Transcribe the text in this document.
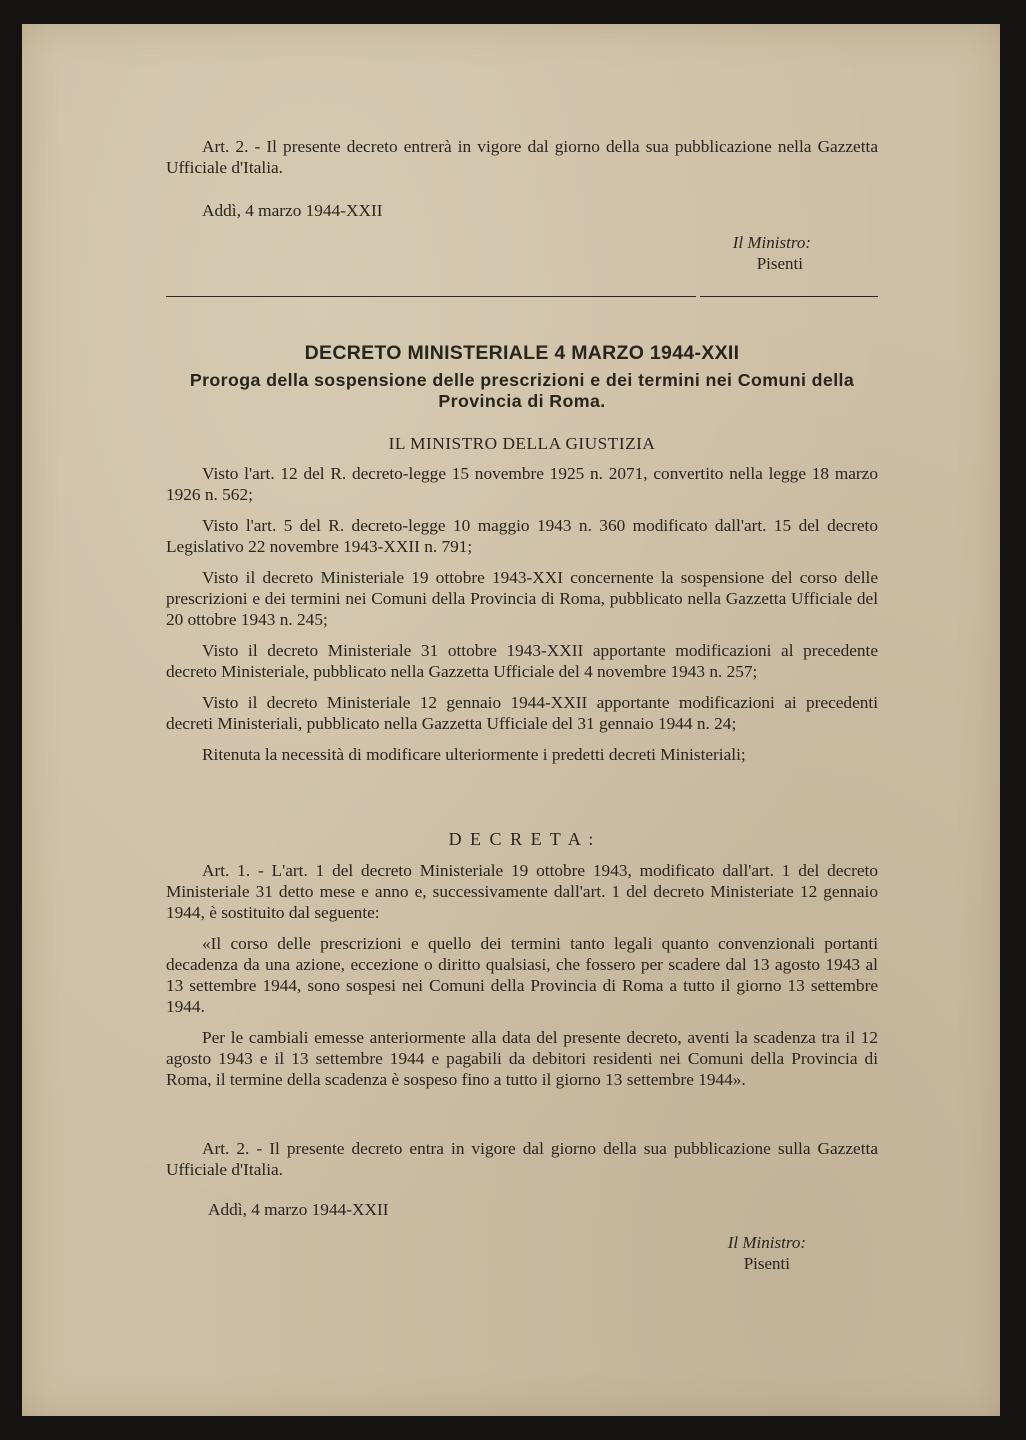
Art. 2. - Il presente decreto entrerà in vigore dal giorno della sua pubblicazione nella Gazzetta Ufficiale d'Italia.

Addì, 4 marzo 1944-XXII

Il Ministro:
Pisenti
DECRETO MINISTERIALE 4 MARZO 1944-XXII
Proroga della sospensione delle prescrizioni e dei termini nei Comuni della Provincia di Roma.

IL MINISTRO DELLA GIUSTIZIA

Visto l'art. 12 del R. decreto-legge 15 novembre 1925 n. 2071, convertito nella legge 18 marzo 1926 n. 562;

Visto l'art. 5 del R. decreto-legge 10 maggio 1943 n. 360 modificato dall'art. 15 del decreto Legislativo 22 novembre 1943-XXII n. 791;

Visto il decreto Ministeriale 19 ottobre 1943-XXI concernente la sospensione del corso delle prescrizioni e dei termini nei Comuni della Provincia di Roma, pubblicato nella Gazzetta Ufficiale del 20 ottobre 1943 n. 245;

Visto il decreto Ministeriale 31 ottobre 1943-XXII apportante modificazioni al precedente decreto Ministeriale, pubblicato nella Gazzetta Ufficiale del 4 novembre 1943 n. 257;

Visto il decreto Ministeriale 12 gennaio 1944-XXII apportante modificazioni ai precedenti decreti Ministeriali, pubblicato nella Gazzetta Ufficiale del 31 gennaio 1944 n. 24;

Ritenuta la necessità di modificare ulteriormente i predetti decreti Ministeriali;

D E C R E T A :

Art. 1. - L'art. 1 del decreto Ministeriale 19 ottobre 1943, modificato dall'art. 1 del decreto Ministeriale 31 detto mese e anno e, successivamente dall'art. 1 del decreto Ministeriate 12 gennaio 1944, è sostituito dal seguente:

«Il corso delle prescrizioni e quello dei termini tanto legali quanto convenzionali portanti decadenza da una azione, eccezione o diritto qualsiasi, che fossero per scadere dal 13 agosto 1943 al 13 settembre 1944, sono sospesi nei Comuni della Provincia di Roma a tutto il giorno 13 settembre 1944.

Per le cambiali emesse anteriormente alla data del presente decreto, aventi la scadenza tra il 12 agosto 1943 e il 13 settembre 1944 e pagabili da debitori residenti nei Comuni della Provincia di Roma, il termine della scadenza è sospeso fino a tutto il giorno 13 settembre 1944».

Art. 2. - Il presente decreto entra in vigore dal giorno della sua pubblicazione sulla Gazzetta Ufficiale d'Italia.

Addì, 4 marzo 1944-XXII

Il Ministro:
Pisenti
